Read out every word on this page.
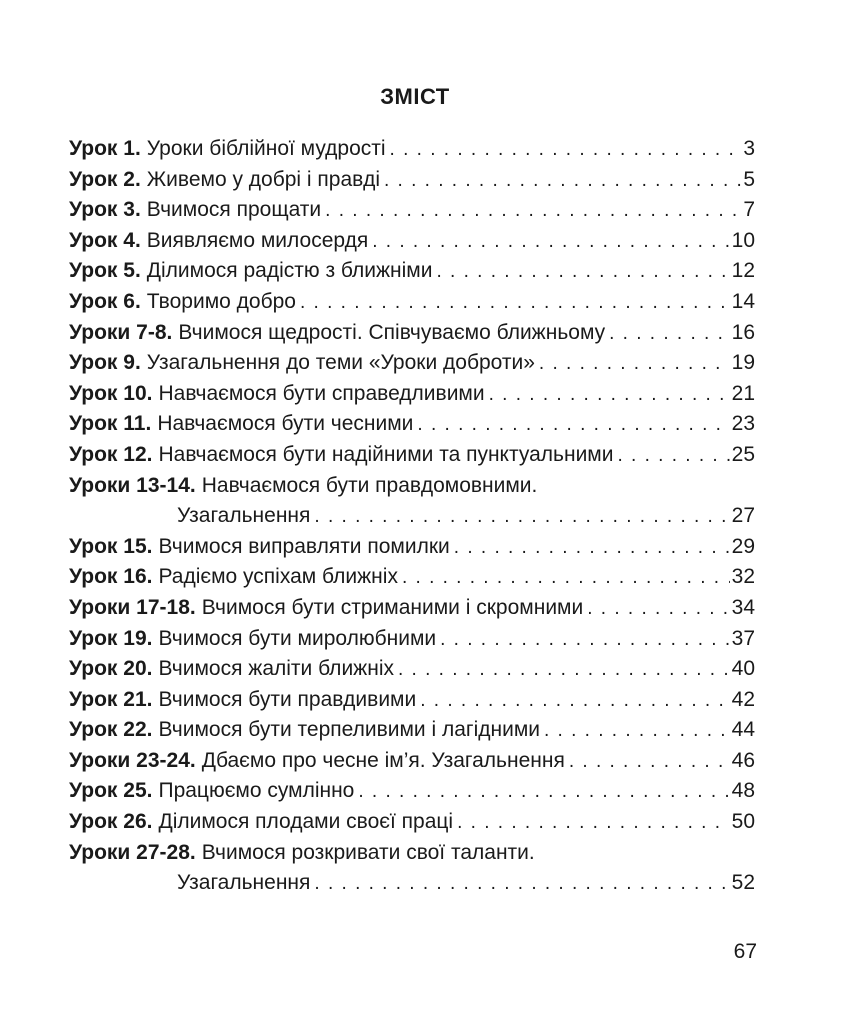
ЗМІСТ
Урок 1. Уроки біблійної мудрості . . .	3
Урок 2. Живемо у добрі і правді . . .	5
Урок 3. Вчимося прощати . . .	7
Урок 4. Виявляємо милосердя . . .	10
Урок 5. Ділимося радістю з ближніми . . .	12
Урок 6. Творимо добро . . .	14
Уроки 7-8. Вчимося щедрості. Співчуваємо ближньому . . .	16
Урок 9. Узагальнення до теми «Уроки доброти» . . .	19
Урок 10. Навчаємося бути справедливими . . .	21
Урок 11. Навчаємося бути чесними . . .	23
Урок 12. Навчаємося бути надійними та пунктуальними . . .	25
Уроки 13-14. Навчаємося бути правдомовними.
Узагальнення . . .	27
Урок 15. Вчимося виправляти помилки . . .	29
Урок 16. Радіємо успіхам ближніх . . .	32
Уроки 17-18. Вчимося бути стриманими і скромними . . .	34
Урок 19. Вчимося бути миролюбними . . .	37
Урок 20. Вчимося жаліти ближніх . . .	40
Урок 21. Вчимося бути правдивими . . .	42
Урок 22. Вчимося бути терпеливими і лагідними . . .	44
Уроки 23-24. Дбаємо про чесне ім’я. Узагальнення . . .	46
Урок 25. Працюємо сумлінно . . .	48
Урок 26. Ділимося плодами своєї праці . . .	50
Уроки 27-28. Вчимося розкривати свої таланти.
Узагальнення . . .	52
67
